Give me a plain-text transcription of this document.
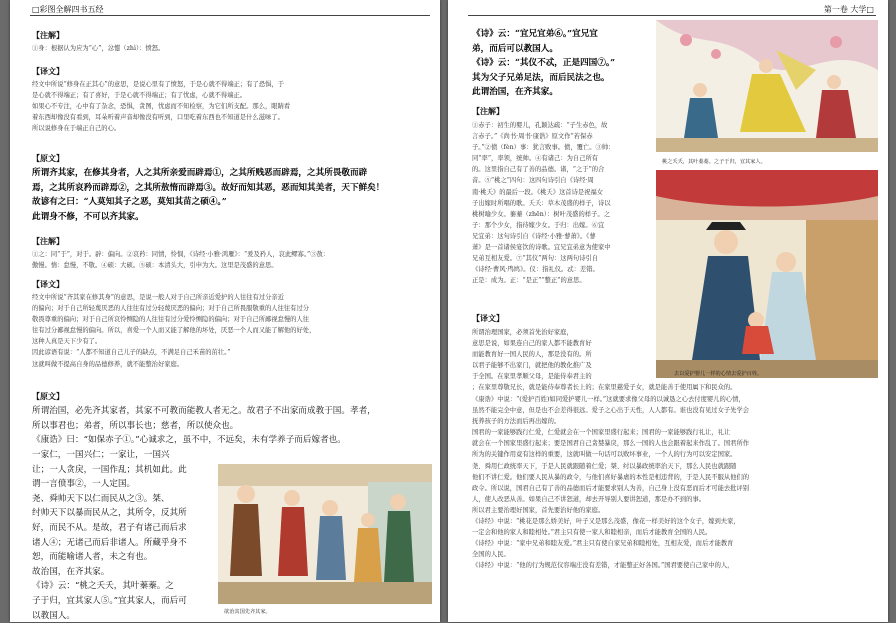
□彩图全解四书五经
【注解】
①身：根据认为应为“心”，忿懥（zhì）：愤怒。
【译文】
经文中所说“修身在正其心”的意思，是说心里有了愤怒，于是心就不得端正；有了恐惧，于
是心就不得端正；有了喜好，于是心就不得端正；有了忧虑，心就不得端正。
如果心不专注，心中有了杂念，恐惧，贪图，忧虑而不知检察，为它们所支配。那么，眼睛看
着东西却像没有看到，耳朵听着声音却像没有听到，口里吃着东西也不知道是什么滋味了。
所以说修身在于端正自己的心。
【原文】
所谓齐其家，在修其身者，人之其所亲爱而辟焉①，之其所贱恶而辟焉，之其所畏敬而辟
焉，之其所哀矜而辟焉②，之其所敖惰而辟焉③。故好而知其恶，恶而知其美者，天下鲜矣！
故谚有之曰：“人莫知其子之恶，莫知其苗之硕④。”
此谓身不修，不可以齐其家。
【注解】
①之：同“于”，对于。辟：偏向。②哀矜：同情，怜悯，《诗经·小雅·鸿雁》：“爰及矜人，哀此鳏寡。”③敖：
傲慢。惰：怠慢，不敬。④硕：大硕。⑤硕：本清头大，引申为大。这里是茂盛的意思。
【译文】
经文中所说“齐其家在修其身”的意思，是说一般人对于自己所亲近爱护的人往往有过分亲近
的偏向；对于自己所轻蔑厌恶的人往往有过分轻蔑厌恶的偏向；对于自己所畏服敬重的人往往有过分
敬畏尊重的偏向；对于自己所哀怜恻隐的人往往有过分爱怜恻隐的偏向；对于自己所鄙视怠慢的人往
往有过分鄙视怠慢的偏向。所以，喜爱一个人而又能了解他的坏处，厌恶一个人而又能了解他的好处，
这种人真是天下少有了。
因此谚语有说：“人都不知道自己儿子的缺点，不满足自己禾苗的茁壮。”
这就叫做不提高自身的品德修养，就不能整治好家庭。
【原文】
所谓治国，必先齐其家者，其家不可教而能教人者无之。故君子不出家而成教于国。孝者，
所以事君也；弟者，所以事长也；慈者，所以使众也。
《康诰》曰：“如保赤子①。”心诚求之，虽不中，不远矣，未有学养子而后嫁者也。
一家仁，一国兴仁；一家让，一国兴
让；一人贪戾，一国作乱；其机如此。此
谓一言偾事②，一人定国。
尧、舜帅天下以仁而民从之③。桀、
纣帅天下以暴而民从之，其所令，反其所
好，而民不从。是故，君子有诸己而后求
诸人④；无诸己而后非诸人。所藏乎身不
恕，而能喻诸人者，未之有也。
故治国，在齐其家。
《诗》云：“桃之夭夭，其叶蓁蓁。之
子于归，宜其家人⑤。”宜其家人，而后可
以教国人。	欲治其国先齐其家。
第一卷 大学□
《诗》云：“宜兄宜弟⑥。”宜兄宜
弟，而后可以教国人。
《诗》云：“其仪不忒，正是四国⑦。”
其为父子兄弟足法，而后民法之也。
此谓治国，在齐其家。
【注解】
①赤子：初生的婴儿，孔颖达疏：“子生赤色，故
言赤子。”《尚书·周书·康诰》原文作“若保赤
子。”②偾（fèn）事：犹言败事。偾，覆亡。③帅：
同“率”，率领，统帅。④有诸己：为自己所有
的。这里指自己有了善的品德。诸，“之于”的合
音。⑤“桃之”四句：这四句诗引自《诗经·周
南·桃夭》的最后一段。《桃夭》这首诗是祝福女
子出嫁时所唱的歌。夭夭：草木茂盛的样子，诗以
桃树喻少女。蓁蓁（zhēn）：树叶茂盛的样子。之
子：那个少女，指待嫁少女。于归：出嫁。⑥宜
兄宜弟：这句诗引自《诗经·小雅·蓼萧》。《蓼
萧》是一首诸侯宴饮的诗歌。宜兄宜弟意为使家中
兄弟互相友爱。⑦“其仪”两句：这两句诗引自
《诗经·曹风·鸤鸠》。仪：指礼仪。忒：差错。
正是：成为。正：“是正”“整正”的意思。
桃之夭夭，其叶蓁蓁。之子于归，宜其家人。
去以爱护婴儿一样的心情去爱护百姓。
【译文】
所谓治理国家，必须首先治好家庭，
意思是说，如果连自己的家人都不能教育好
而能教育好一国人民的人，那是没有的。所
以君子能够不出家门，就把他的教化推广及
于全国。在家里孝顺父母，是能侍奉君主的
；在家里尊敬兄长，就是能侍奉尊者长上的；在家里慈爱子女，就是能善于使用属下和民众的。
《康诰》中说：“(爱护百姓)如同爱护婴儿一样。”这就要求像父母的以诚恳之心去付度婴儿的心情，
虽然不能完全中意，但是也不会差得很远。爱子之心出于天性，人人都有。谁也没有见过女子先学会
抚养孩子的方法而后再出嫁的。
国君的一家能够践行仁爱，仁爱就会在一个国家里盛行起来；国君的一家能够践行礼让，礼让
就会在一个国家里盛行起来；要是国君自己贪婪暴戾，那么一国的人也会跟着起来作乱了。国君所作
所为的关键作用竟有这样的重要，这就叫做一句话可以败坏事业，一个人的行为可以安定国家。
尧、舜用仁政统率天下，于是人民就跟随着仁爱；桀、纣以暴政统率治天下，那么人民也就跟随
他们不讲仁爱。他们要人民从暴的政令，与他们喜好暴虐的本性是相违背的，于是人民不服从他们的
政令。所以说，国君自己有了善的品德而后才能要求别人为善，自己身上没有恶而后才可能去批评别
人，使人改恶从善。如果自己不讲恕道，却去开导别人要讲恕道，那是办不到的事。
所以君主要治理好国家，首先要治好他的家庭。
《诗经》中说：“桃花是那么娇美好，叶子又是那么茂盛，像花一样美好的这个女子，嫁到夫家，
一定会和他的家人和睦相处。”君主只有使一家人和睦相亲，而后才能教育全国的人民。
《诗经》中说：“家中兄弟和睦友爱。”君主只有使自家兄弟和睦相处，互相友爱，而后才能教育
全国的人民。
《诗经》中说：“他的行为规范仪容端庄没有差错，才能整正好各国。”国君要使自己家中的人，
